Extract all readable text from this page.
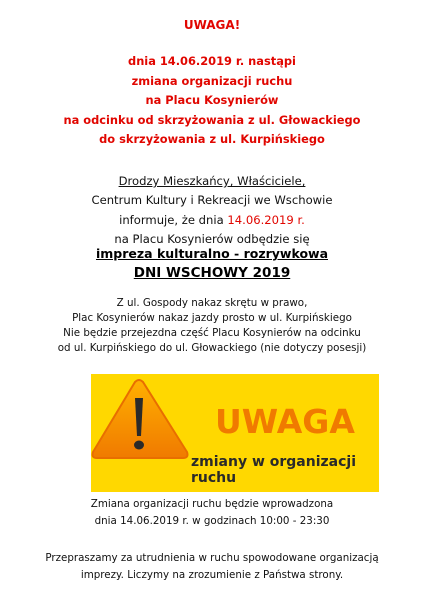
UWAGA!
dnia 14.06.2019 r. nastąpi
zmiana organizacji ruchu
na Placu Kosynierów
na odcinku od skrzyżowania z ul. Głowackiego
do skrzyżowania z ul. Kurpińskiego
Drodzy Mieszkańcy, Właściciele,
Centrum Kultury i Rekreacji we Wschowie
informuje, że dnia 14.06.2019 r.
na Placu Kosynierów odbędzie się
impreza kulturalno - rozrywkowa
DNI WSCHOWY 2019
Z ul. Gospody nakaz skrętu w prawo,
Plac Kosynierów nakaz jazdy prosto w ul. Kurpińskiego
Nie będzie przejezdna część Placu Kosynierów na odcinku
od ul. Kurpińskiego do ul. Głowackiego (nie dotyczy posesji)
UWAGA
zmiany w organizacji ruchu
Zmiana organizacji ruchu będzie wprowadzona
dnia 14.06.2019 r. w godzinach 10:00 - 23:30
Przepraszamy za utrudnienia w ruchu spowodowane organizacją
imprezy. Liczymy na zrozumienie z Państwa strony.
